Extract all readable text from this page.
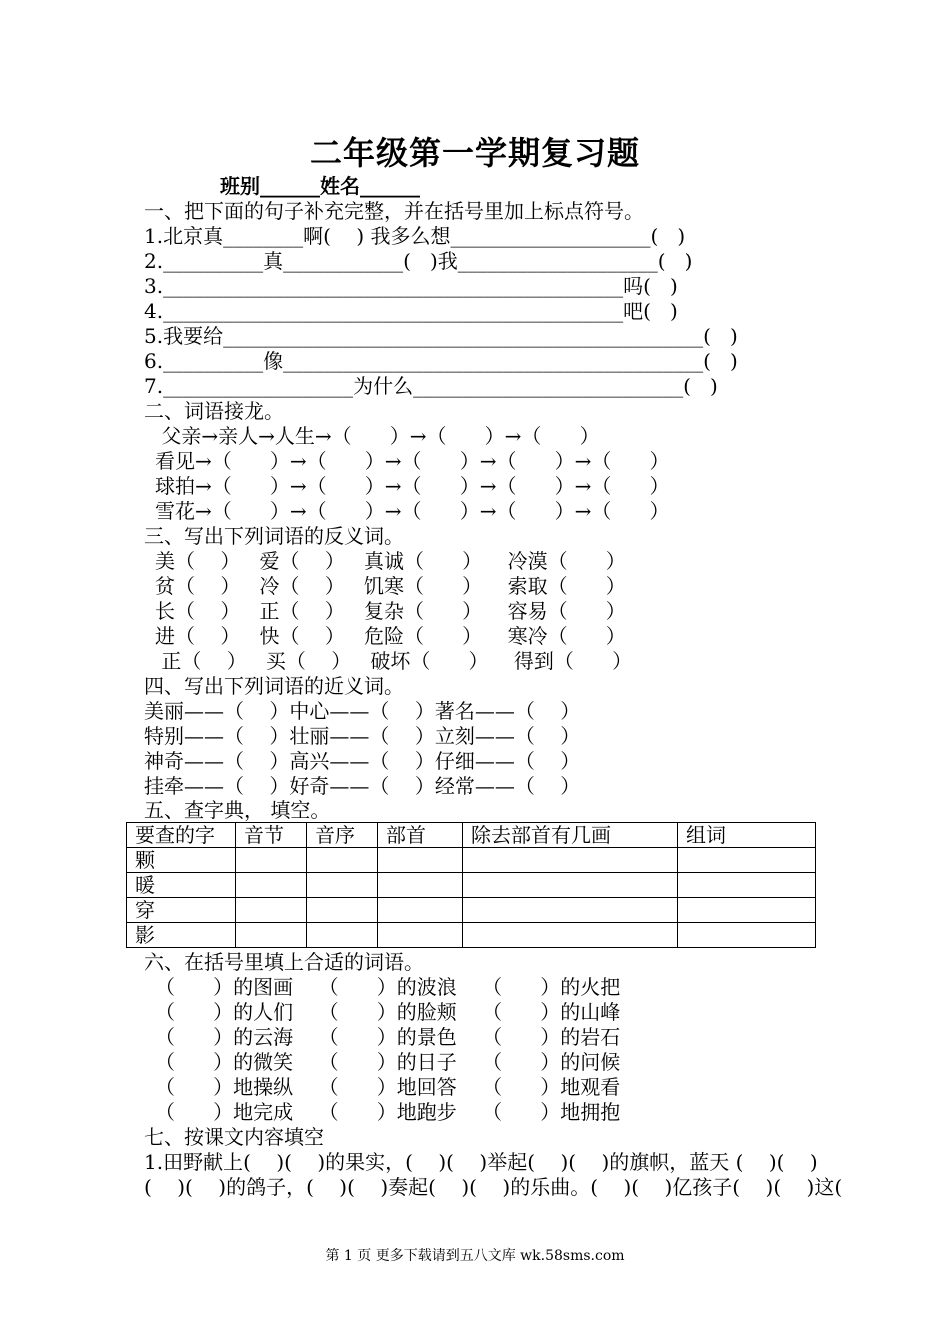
二年级第一学期复习题
班别______姓名______
一、把下面的句子补充完整，并在括号里加上标点符号。
1.北京真________啊(    ) 我多么想____________________(   )
2.__________真____________(   )我____________________(   )
3.______________________________________________吗(   )
4.______________________________________________吧(   )
5.我要给________________________________________________(   )
6.__________像__________________________________________(   )
7.___________________为什么___________________________(   )
二、词语接龙。
父亲→亲人→人生→（      ）→（      ）→（      ）
看见→（      ）→（      ）→（      ）→（      ）→（      ）
球拍→（      ）→（      ）→（      ）→（      ）→（      ）
雪花→（      ）→（      ）→（      ）→（      ）→（      ）
三、写出下列词语的反义词。
美（    ）   爱（    ）   真诚（      ）    冷漠（      ）
贫（    ）   冷（    ）   饥寒（      ）    索取（      ）
长（    ）   正（    ）   复杂（      ）    容易（      ）
进（    ）   快（    ）   危险（      ）    寒冷（      ）
正（    ）   买（    ）   破坏（      ）    得到（      ）
四、写出下列词语的近义词。
美丽——（    ）中心——（    ）著名——（    ）
特别——（    ）壮丽——（    ）立刻——（    ）
神奇——（    ）高兴——（    ）仔细——（    ）
挂牵——（    ）好奇——（    ）经常——（    ）
五、查字典， 填空。
要查的字	音节	音序	部首	除去部首有几画	组词
颗					
暖					
穿					
影					
六、在括号里填上合适的词语。
（      ）的图画    （      ）的波浪    （      ）的火把
（      ）的人们    （      ）的脸颊    （      ）的山峰
（      ）的云海    （      ）的景色    （      ）的岩石
（      ）的微笑    （      ）的日子    （      ）的问候
（      ）地操纵    （      ）地回答    （      ）地观看
（      ）地完成    （      ）地跑步    （      ）地拥抱
七、按课文内容填空
1.田野献上(    )(    )的果实，(    )(    )举起(    )(    )的旗帜，蓝天 (    )(    )
(    )(    )的鸽子，(    )(    )奏起(    )(    )的乐曲。(    )(    )亿孩子(    )(    )这(
第 1 页 更多下载请到五八文库 wk.58sms.com
